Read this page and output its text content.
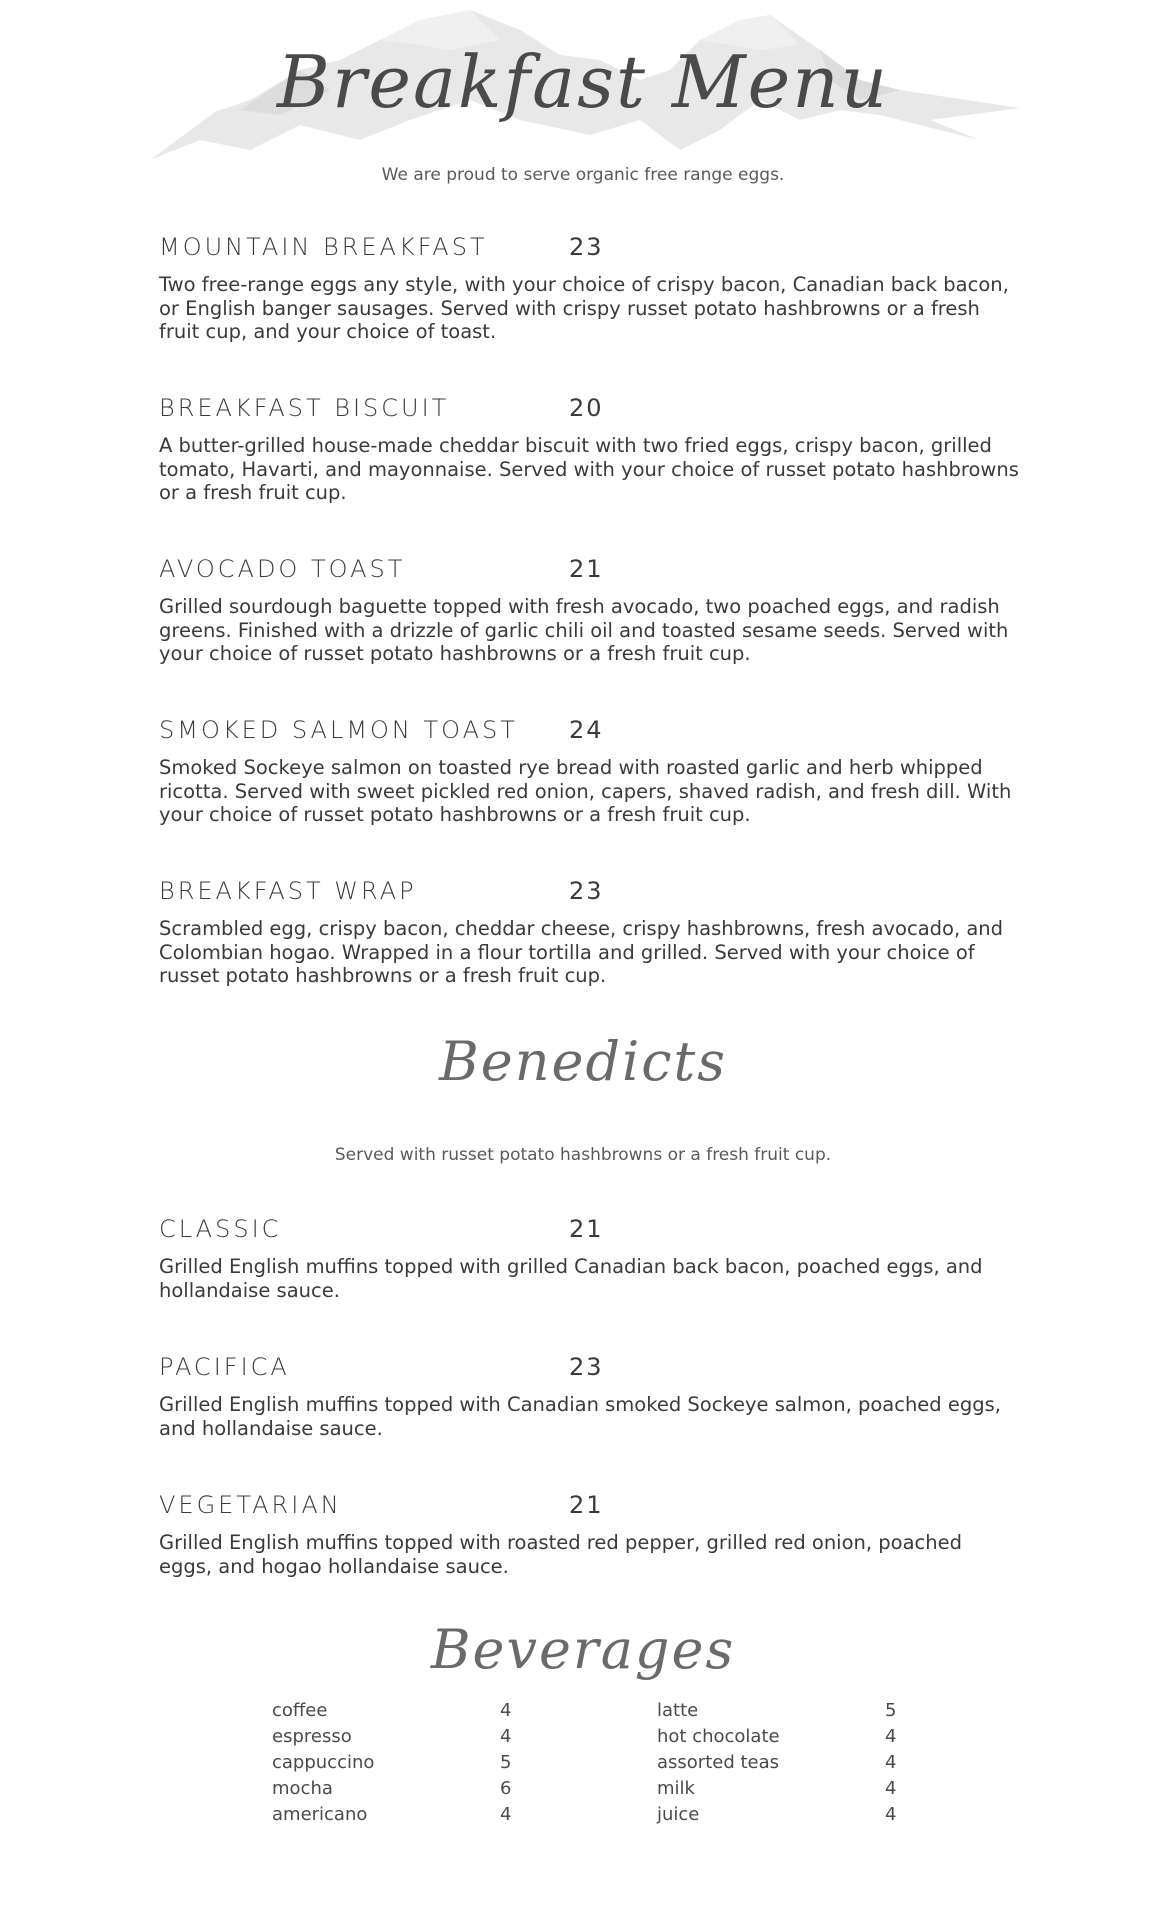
Breakfast Menu
We are proud to serve organic free range eggs.
MOUNTAIN BREAKFAST	23
Two free-range eggs any style, with your choice of crispy bacon, Canadian back bacon, or English banger sausages. Served with crispy russet potato hashbrowns or a fresh fruit cup, and your choice of toast.
BREAKFAST BISCUIT	20
A butter-grilled house-made cheddar biscuit with two fried eggs, crispy bacon, grilled tomato, Havarti, and mayonnaise. Served with your choice of russet potato hashbrowns or a fresh fruit cup.
AVOCADO TOAST	21
Grilled sourdough baguette topped with fresh avocado, two poached eggs, and radish greens. Finished with a drizzle of garlic chili oil and toasted sesame seeds. Served with your choice of russet potato hashbrowns or a fresh fruit cup.
SMOKED SALMON TOAST 24
Smoked Sockeye salmon on toasted rye bread with roasted garlic and herb whipped ricotta. Served with sweet pickled red onion, capers, shaved radish, and fresh dill. With your choice of russet potato hashbrowns or a fresh fruit cup.
BREAKFAST WRAP	23
Scrambled egg, crispy bacon, cheddar cheese, crispy hashbrowns, fresh avocado, and Colombian hogao. Wrapped in a flour tortilla and grilled. Served with your choice of russet potato hashbrowns or a fresh fruit cup.
Benedicts
Served with russet potato hashbrowns or a fresh fruit cup.
CLASSIC	21
Grilled English muffins topped with grilled Canadian back bacon, poached eggs, and hollandaise sauce.
PACIFICA	23
Grilled English muffins topped with Canadian smoked Sockeye salmon, poached eggs, and hollandaise sauce.
VEGETARIAN	21
Grilled English muffins topped with roasted red pepper, grilled red onion, poached eggs, and hogao hollandaise sauce.
Beverages
coffee	4
espresso	4
cappuccino	5
mocha	6
americano	4
latte	5
hot chocolate	4
assorted teas	4
milk	4
juice	4
